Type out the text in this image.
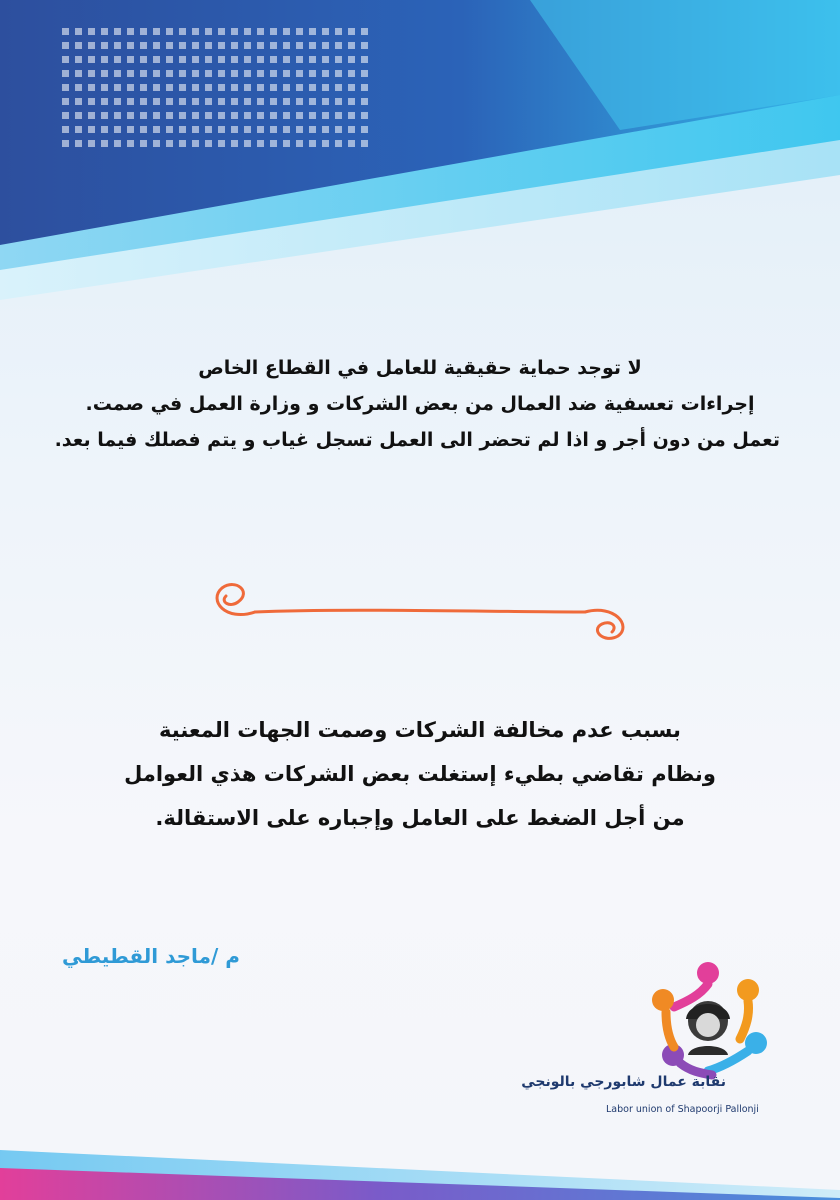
لا توجد حماية حقيقية للعامل في القطاع الخاص
إجراءات تعسفية ضد العمال من بعض الشركات و وزارة العمل في صمت.
تعمل من دون أجر و اذا لم تحضر الى العمل تسجل غياب و يتم فصلك فيما بعد.
بسبب عدم مخالفة الشركات وصمت الجهات المعنية
ونظام تقاضي بطيء إستغلت بعض الشركات هذي العوامل
من أجل الضغط على العامل وإجباره على الاستقالة.
م /ماجد القطيطي
نقابة عمال شابورجي بالونجي
Labor union of Shapoorji Pallonji
